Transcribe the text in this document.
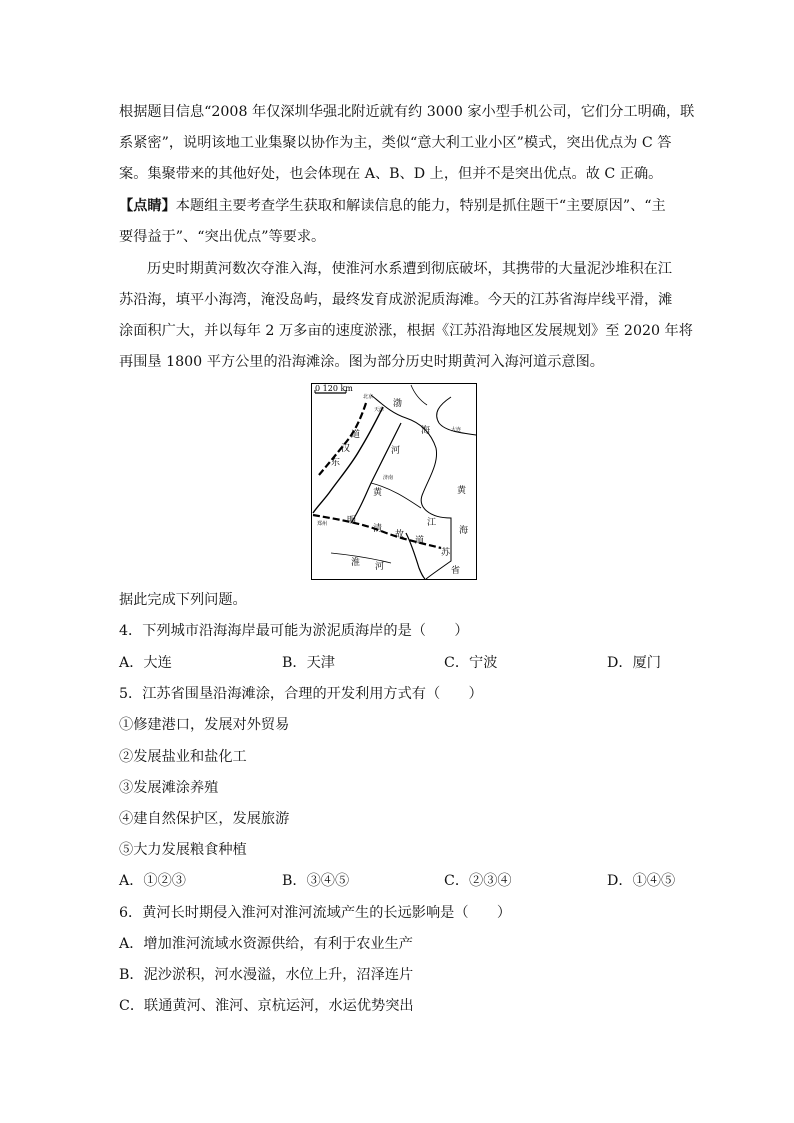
根据题目信息“2008 年仅深圳华强北附近就有约 3000 家小型手机公司，它们分工明确，联
系紧密”，说明该地工业集聚以协作为主，类似“意大利工业小区”模式，突出优点为 C 答
案。集聚带来的其他好处，也会体现在 A、B、D 上，但并不是突出优点。故 C 正确。
【点睛】本题组主要考查学生获取和解读信息的能力，特别是抓住题干“主要原因”、“主
要得益于”、“突出优点”等要求。
历史时期黄河数次夺淮入海，使淮河水系遭到彻底破坏，其携带的大量泥沙堆积在江
苏沿海，填平小海湾，淹没岛屿，最终发育成淤泥质海滩。今天的江苏省海岸线平滑，滩
涂面积广大，并以每年 2 万多亩的速度淤涨，根据《江苏沿海地区发展规划》至 2020 年将
再围垦 1800 平方公里的沿海滩涂。图为部分历史时期黄河入海河道示意图。
0 120 km
北京
天津
渤
海	大连
东
汉
道
河
黄
济南
郑州 明
清
故
道
江
苏
黄
海
淮 河	省
据此完成下列问题。
4．下列城市沿海海岸最可能为淤泥质海岸的是（　　）
A．大连	B．天津	C．宁波	D．厦门
5．江苏省围垦沿海滩涂，合理的开发利用方式有（　　）
①修建港口，发展对外贸易
②发展盐业和盐化工
③发展滩涂养殖
④建自然保护区，发展旅游
⑤大力发展粮食种植
A．①②③	B．③④⑤	C．②③④	D．①④⑤
6．黄河长时期侵入淮河对淮河流域产生的长远影响是（　　）
A．增加淮河流域水资源供给，有利于农业生产
B．泥沙淤积，河水漫溢，水位上升，沼泽连片
C．联通黄河、淮河、京杭运河，水运优势突出
